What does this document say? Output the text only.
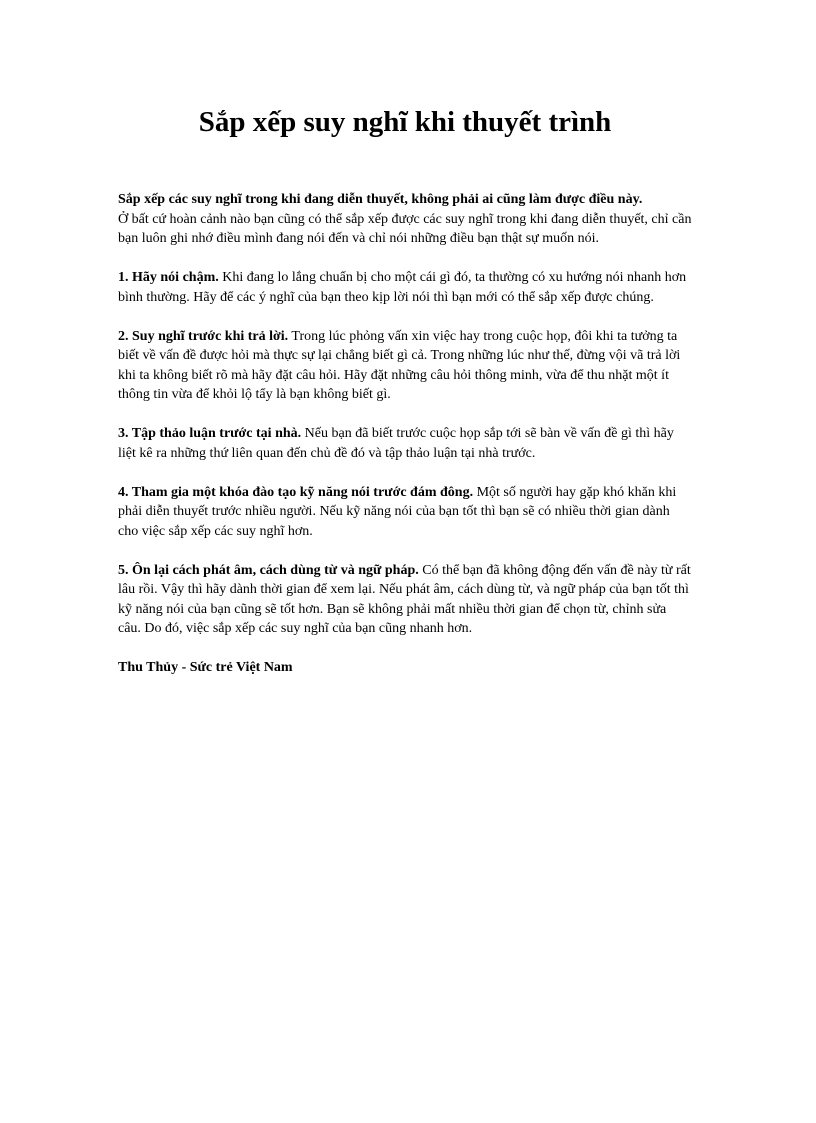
Sắp xếp suy nghĩ khi thuyết trình

Sắp xếp các suy nghĩ trong khi đang diễn thuyết, không phải ai cũng làm được điều này.
Ở bất cứ hoàn cảnh nào bạn cũng có thể sắp xếp được các suy nghĩ trong khi đang diễn thuyết, chỉ cần bạn luôn ghi nhớ điều mình đang nói đến và chỉ nói những điều bạn thật sự muốn nói.

1. Hãy nói chậm. Khi đang lo lắng chuẩn bị cho một cái gì đó, ta thường có xu hướng nói nhanh hơn bình thường. Hãy để các ý nghĩ của bạn theo kịp lời nói thì bạn mới có thể sắp xếp được chúng.

2. Suy nghĩ trước khi trả lời. Trong lúc phỏng vấn xin việc hay trong cuộc họp, đôi khi ta tưởng ta biết về vấn đề được hỏi mà thực sự lại chẳng biết gì cả. Trong những lúc như thế, đừng vội vã trả lời khi ta không biết rõ mà hãy đặt câu hỏi. Hãy đặt những câu hỏi thông minh, vừa để thu nhặt một ít thông tin vừa để khỏi lộ tẩy là bạn không biết gì.

3. Tập thảo luận trước tại nhà. Nếu bạn đã biết trước cuộc họp sắp tới sẽ bàn về vấn đề gì thì hãy liệt kê ra những thứ liên quan đến chủ đề đó và tập thảo luận tại nhà trước.

4. Tham gia một khóa đào tạo kỹ năng nói trước đám đông. Một số người hay gặp khó khăn khi phải diễn thuyết trước nhiều người. Nếu kỹ năng nói của bạn tốt thì bạn sẽ có nhiều thời gian dành cho việc sắp xếp các suy nghĩ hơn.

5. Ôn lại cách phát âm, cách dùng từ và ngữ pháp. Có thể bạn đã không động đến vấn đề này từ rất lâu rồi. Vậy thì hãy dành thời gian để xem lại. Nếu phát âm, cách dùng từ, và ngữ pháp của bạn tốt thì kỹ năng nói của bạn cũng sẽ tốt hơn. Bạn sẽ không phải mất nhiều thời gian để chọn từ, chỉnh sửa câu. Do đó, việc sắp xếp các suy nghĩ của bạn cũng nhanh hơn.

Thu Thủy - Sức trẻ Việt Nam
